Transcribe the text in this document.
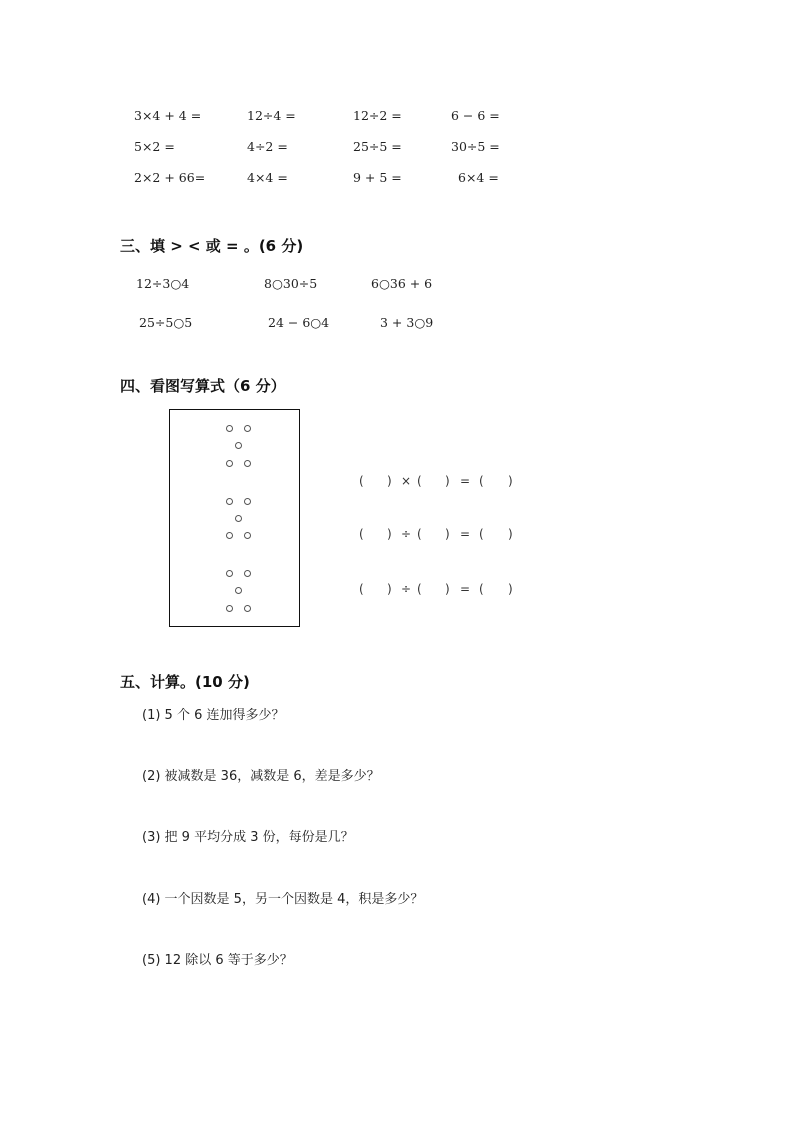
3×4 + 4 =	12÷4 =	12÷2 =	6 − 6 =
5×2 =	4÷2 =	25÷5 =	30÷5 =
2×2 + 66=	4×4 =	9 + 5 =	6×4 =
三、填 > < 或 = 。(6 分)
12÷3○4	8○30÷5	6○36 + 6
25÷5○5	24 − 6○4	3 + 3○9
四、看图写算式（6 分）
( ) × ( ) = ( )
( ) ÷ ( ) = ( )
( ) ÷ ( ) = ( )
五、计算。(10 分)
(1) 5 个 6 连加得多少？
(2) 被减数是 36，减数是 6，差是多少？
(3) 把 9 平均分成 3 份，每份是几？
(4) 一个因数是 5，另一个因数是 4，积是多少？
(5) 12 除以 6 等于多少？
